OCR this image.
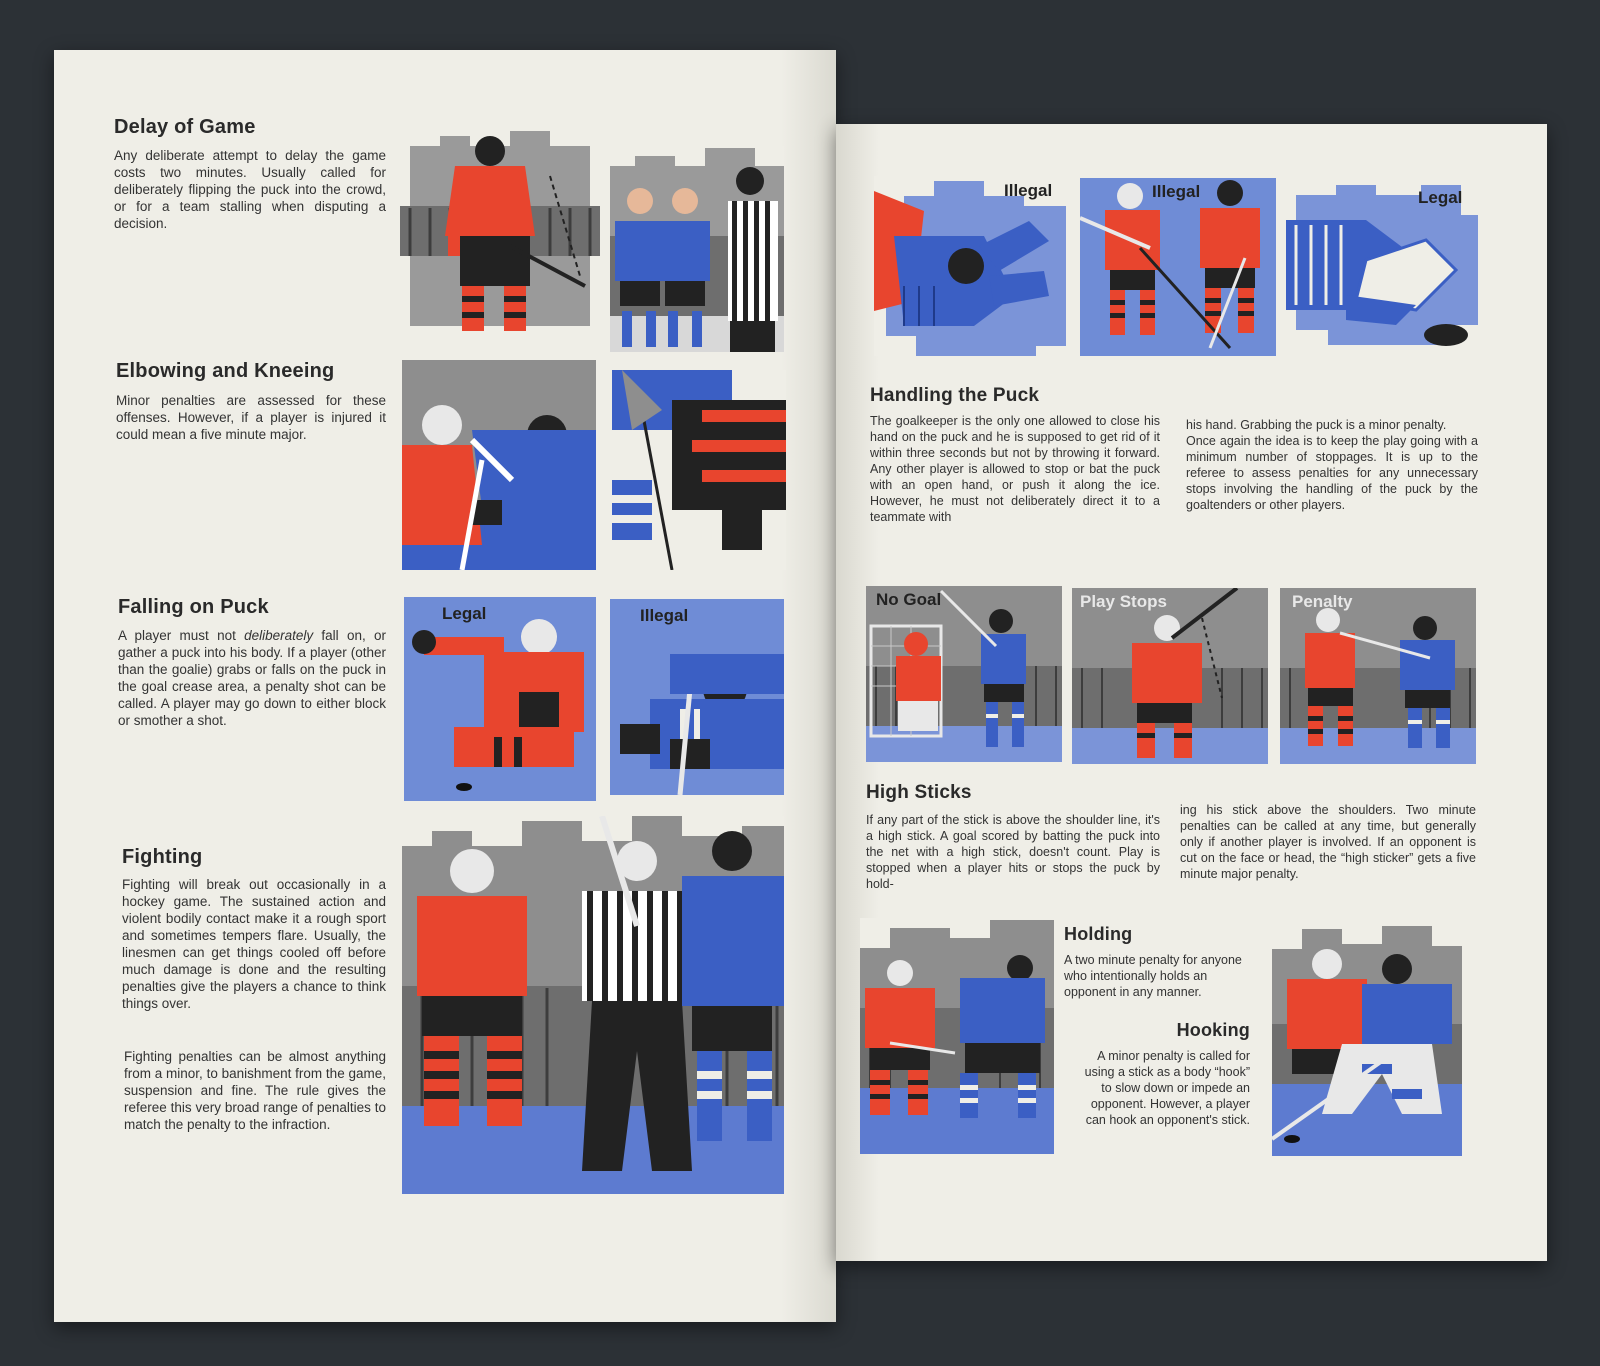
Delay of Game

Any deliberate attempt to delay the game costs two minutes. Usually called for deliberately flipping the puck into the crowd, or for a team stalling when disputing a decision.

Elbowing and Kneeing

Minor penalties are assessed for these offenses. However, if a player is injured it could mean a five minute major.

Falling on Puck

A player must not deliberately fall on, or gather a puck into his body. If a player (other than the goalie) grabs or falls on the puck in the goal crease area, a penalty shot can be called. A player may go down to either block or smother a shot.

Legal	Illegal
Fighting

Fighting will break out occasionally in a hockey game. The sustained action and violent bodily contact make it a rough sport and sometimes tempers flare. Usually, the linesmen can get things cooled off before much damage is done and the resulting penalties give the players a chance to think things over.

Fighting penalties can be almost anything from a minor, to banishment from the game, suspension and fine. The rule gives the referee this very broad range of penalties to match the penalty to the infraction.

Illegal	Illegal	Legal
Handling the Puck

The goalkeeper is the only one allowed to close his hand on the puck and he is supposed to get rid of it within three seconds but not by throwing it forward. Any other player is allowed to stop or bat the puck with an open hand, or push it along the ice. However, he must not deliberately direct it to a teammate with

his hand. Grabbing the puck is a minor penalty.

Once again the idea is to keep the play going with a minimum number of stoppages. It is up to the referee to assess penalties for any unnecessary stops involving the handling of the puck by the goaltenders or other players.

No Goal	Play Stops	Penalty
High Sticks

If any part of the stick is above the shoulder line, it's a high stick. A goal scored by batting the puck into the net with a high stick, doesn't count. Play is stopped when a player hits or stops the puck by hold-

ing his stick above the shoulders. Two minute penalties can be called at any time, but generally only if another player is involved. If an opponent is cut on the face or head, the “high sticker” gets a five minute major penalty.

Holding

A two minute penalty for anyone who intentionally holds an opponent in any manner.

Hooking

A minor penalty is called for using a stick as a body “hook” to slow down or impede an opponent. However, a player can hook an opponent's stick.
